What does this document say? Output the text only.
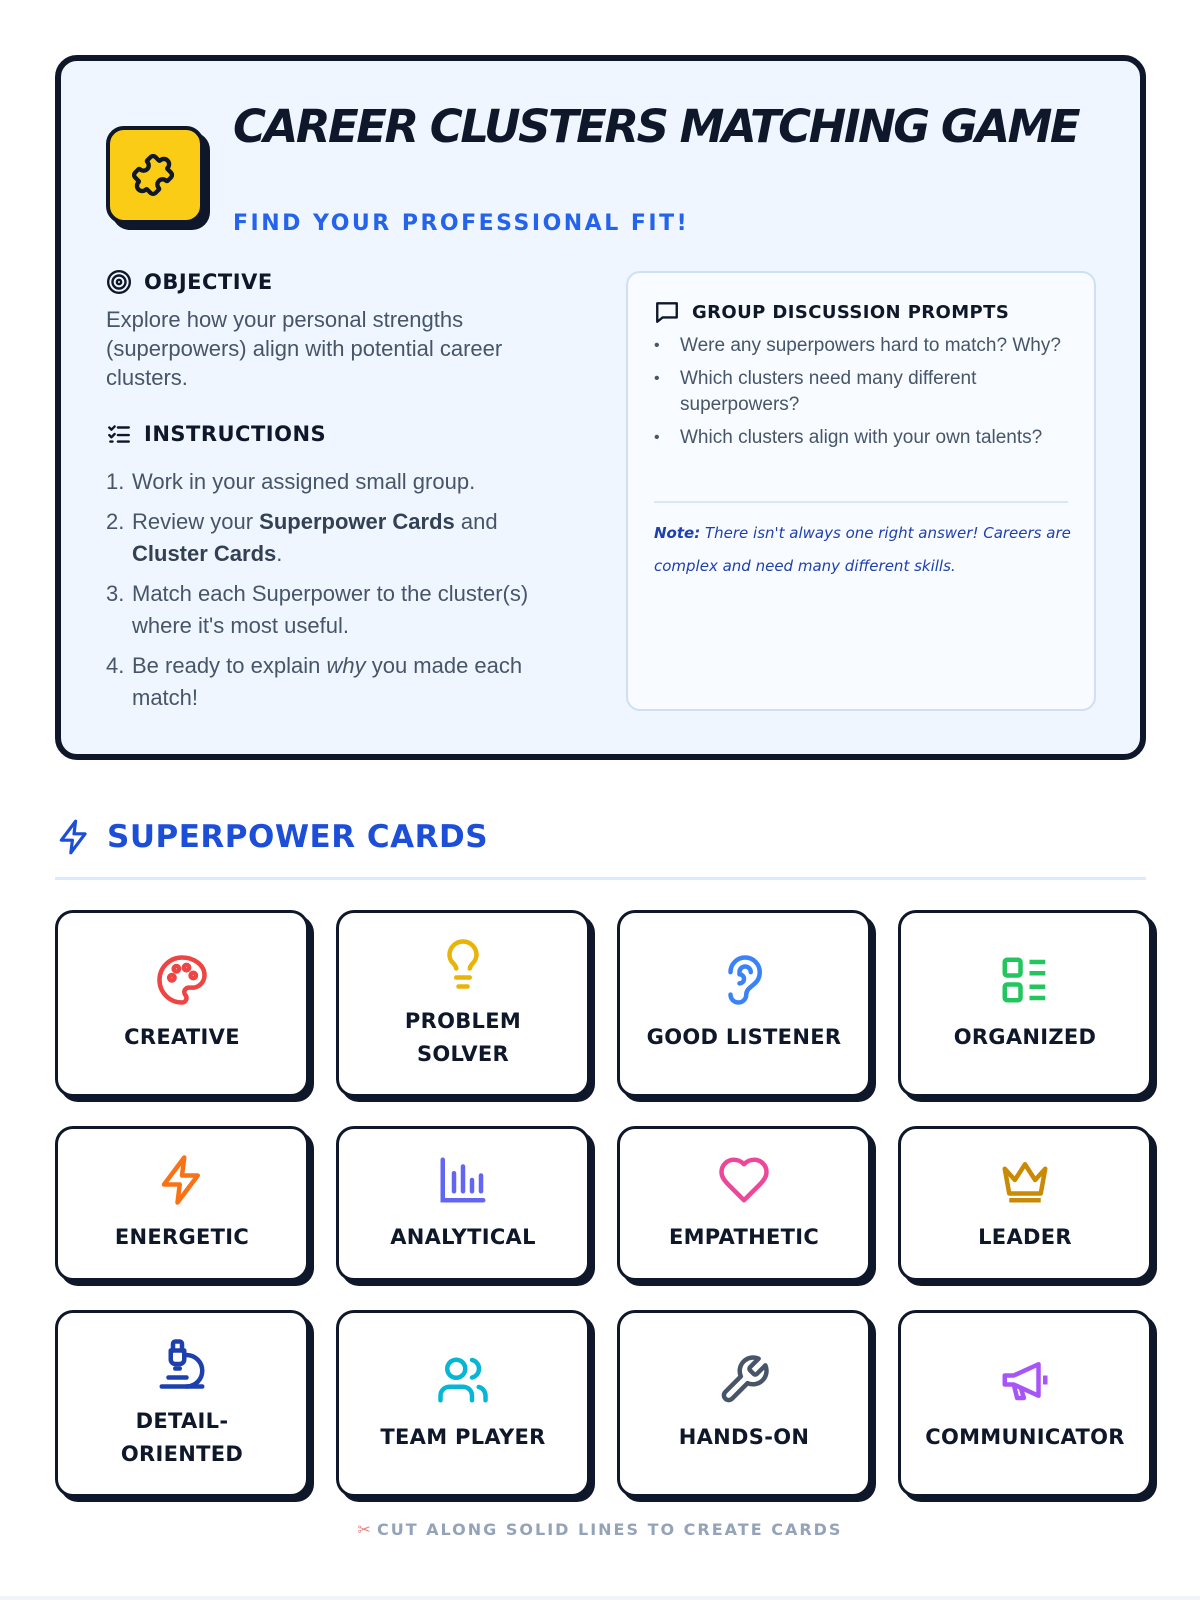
CAREER CLUSTERS MATCHING GAME
FIND YOUR PROFESSIONAL FIT!
OBJECTIVE
Explore how your personal strengths (superpowers) align with potential career clusters.
INSTRUCTIONS
1. Work in your assigned small group.
2. Review your Superpower Cards and Cluster Cards.
3. Match each Superpower to the cluster(s) where it's most useful.
4. Be ready to explain why you made each match!
GROUP DISCUSSION PROMPTS
•	Were any superpowers hard to match? Why?
•	Which clusters need many different superpowers?
•	Which clusters align with your own talents?
Note: There isn't always one right answer! Careers are complex and need many different skills.
SUPERPOWER CARDS
CREATIVE
PROBLEM SOLVER
GOOD LISTENER	ORGANIZED
ENERGETIC	ANALYTICAL	EMPATHETIC	LEADER
DETAIL-ORIENTED
TEAM PLAYER	HANDS-ON	COMMUNICATOR
✂ CUT ALONG SOLID LINES TO CREATE CARDS
